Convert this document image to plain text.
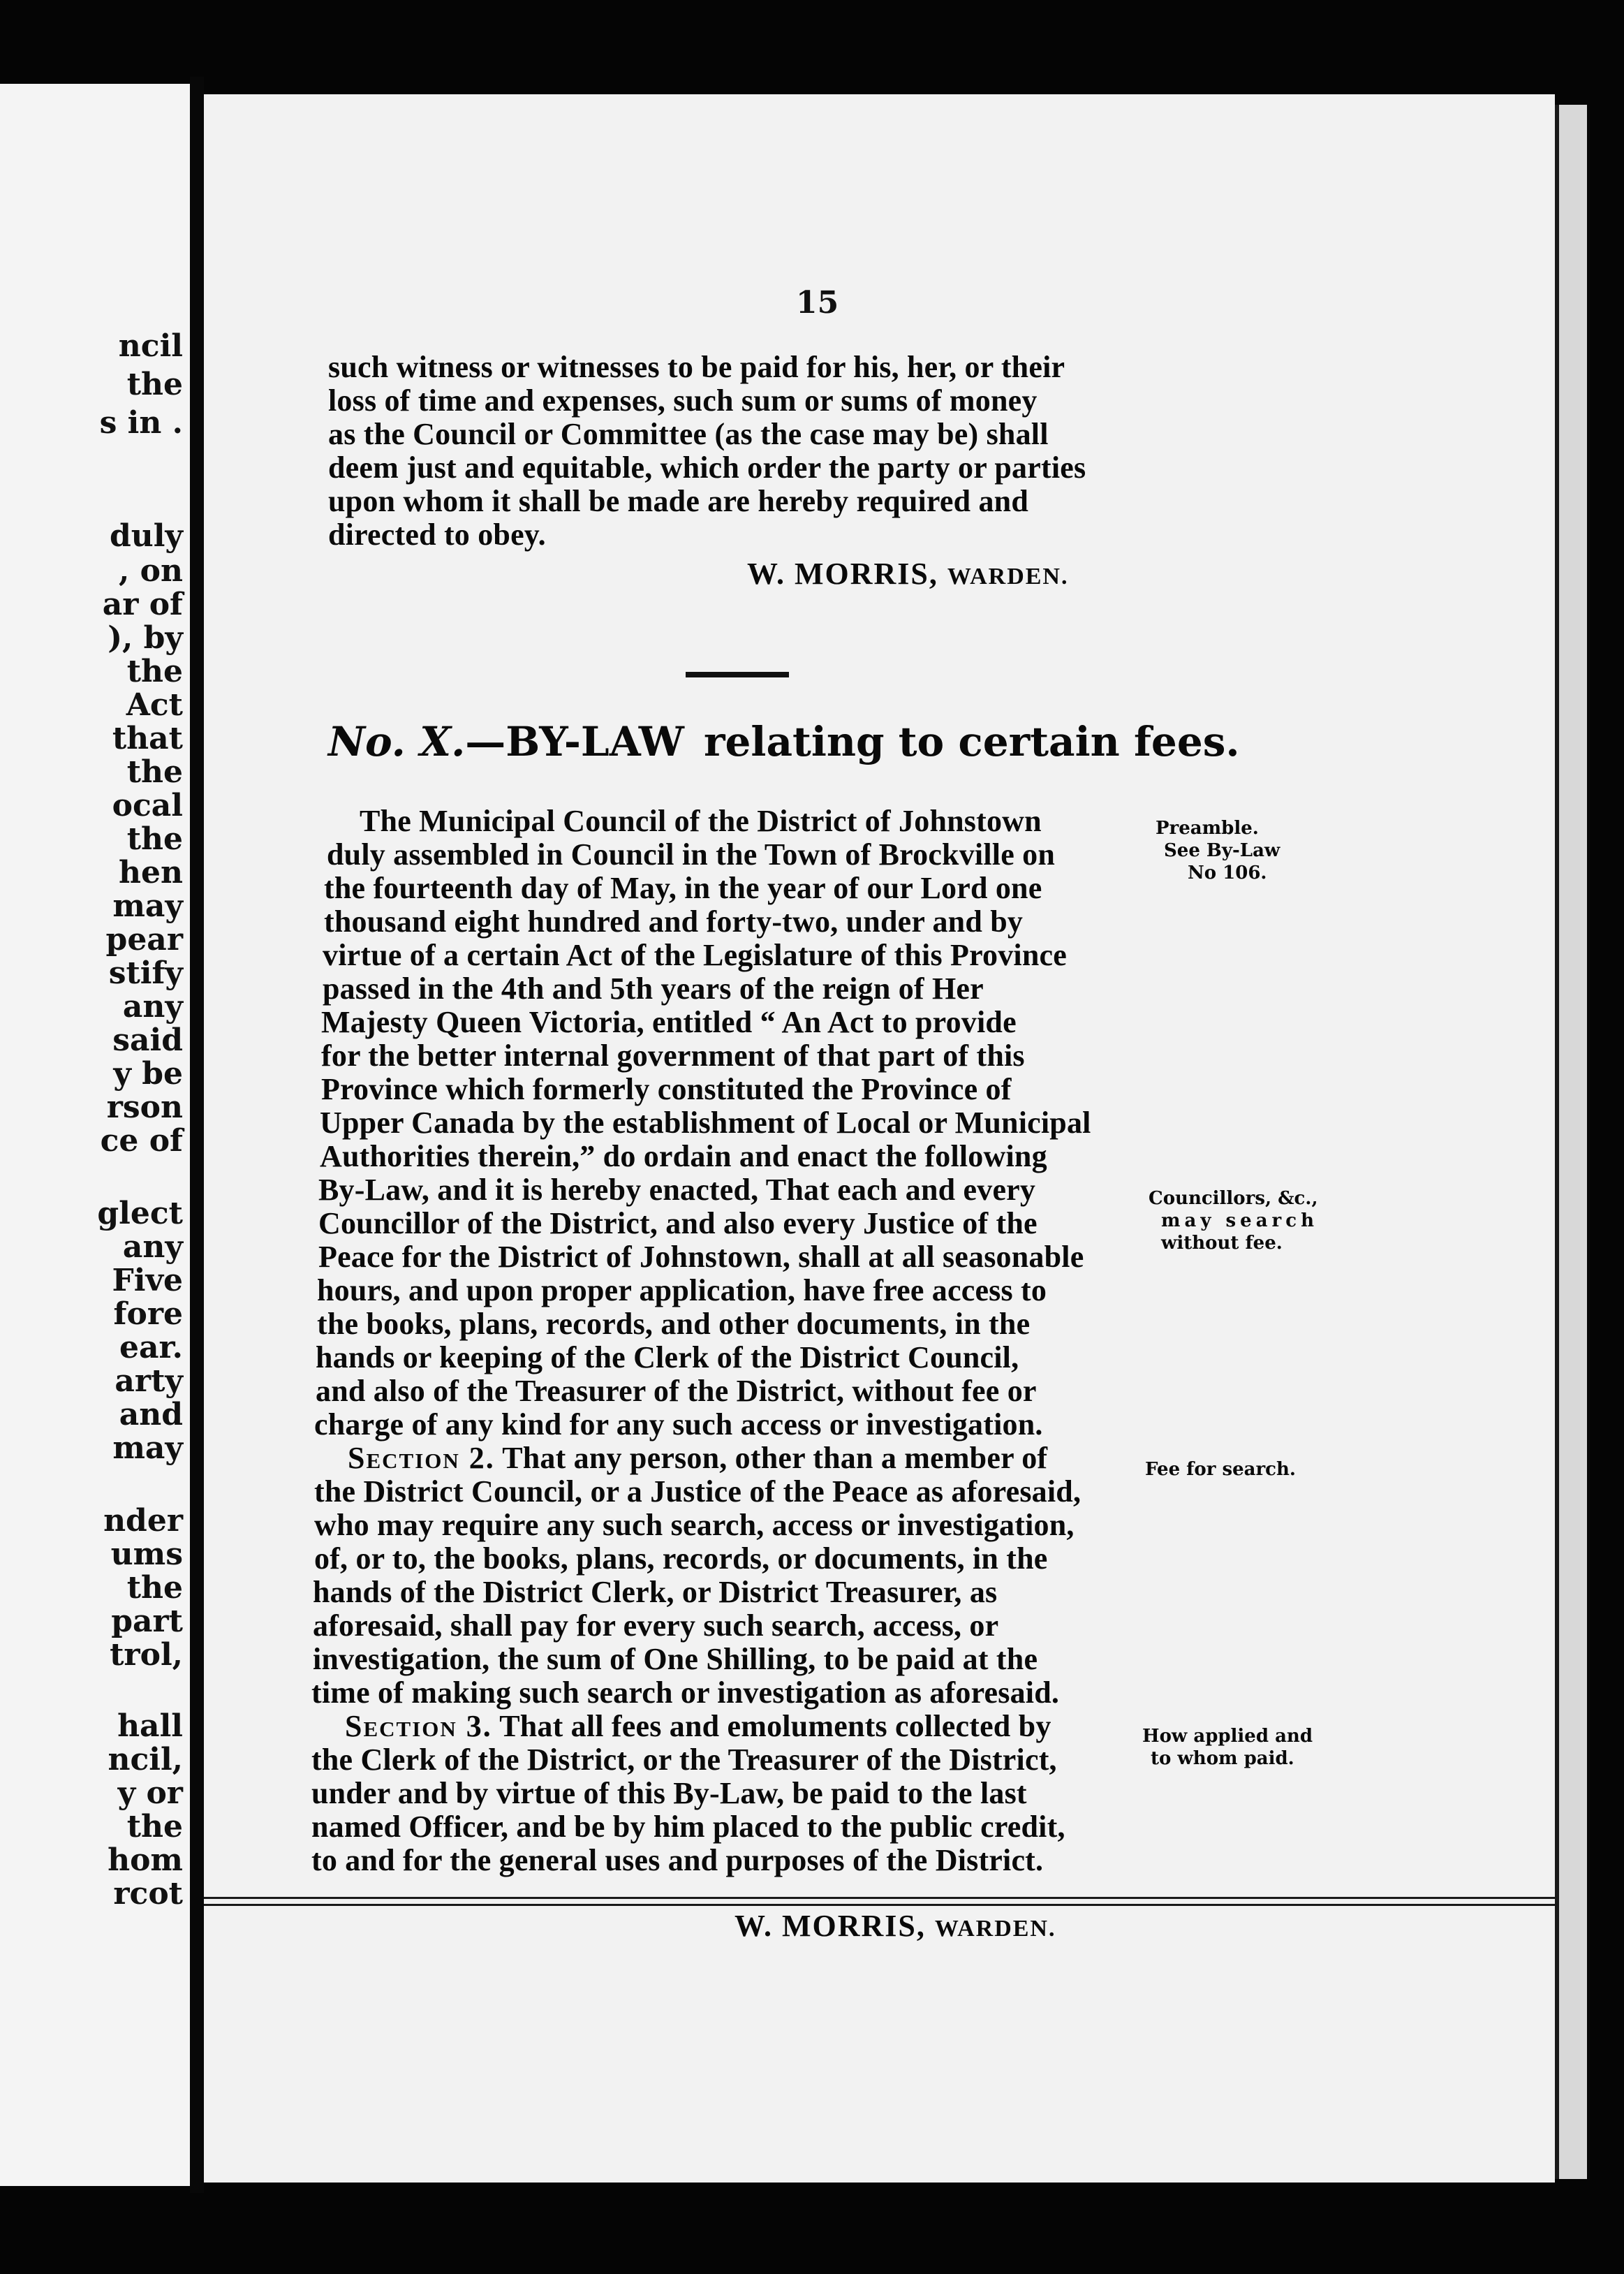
ncil
the
s in .
duly
, on
ar of
), by
the
Act
that
the
ocal
the
hen
may
pear
stify
any
said
y be
rson
ce of
glect
any
Five
fore
ear.
arty
and
may
nder
ums
the
part
trol,
hall
ncil,
y or
the
hom
rcot
15
such witness or witnesses to be paid for his, her, or their
loss of time and expenses, such sum or sums of money
as the Council or Committee (as the case may be) shall
deem just and equitable, which order the party or parties
upon whom it shall be made are hereby required and
directed to obey.
W. MORRIS, WARDEN.
No. X.—BY-LAW relating to certain fees.
The Municipal Council of the District of Johnstown
duly assembled in Council in the Town of Brockville on
the fourteenth day of May, in the year of our Lord one
thousand eight hundred and forty-two, under and by
virtue of a certain Act of the Legislature of this Province
passed in the 4th and 5th years of the reign of Her
Majesty Queen Victoria, entitled “ An Act to provide
for the better internal government of that part of this
Province which formerly constituted the Province of
Upper Canada by the establishment of Local or Municipal
Authorities therein,” do ordain and enact the following
By-Law, and it is hereby enacted, That each and every
Councillor of the District, and also every Justice of the
Peace for the District of Johnstown, shall at all seasonable
hours, and upon proper application, have free access to
the books, plans, records, and other documents, in the
hands or keeping of the Clerk of the District Council,
and also of the Treasurer of the District, without fee or
charge of any kind for any such access or investigation.
Section 2. That any person, other than a member of
the District Council, or a Justice of the Peace as aforesaid,
who may require any such search, access or investigation,
of, or to, the books, plans, records, or documents, in the
hands of the District Clerk, or District Treasurer, as
aforesaid, shall pay for every such search, access, or
investigation, the sum of One Shilling, to be paid at the
time of making such search or investigation as aforesaid.
Section 3. That all fees and emoluments collected by
the Clerk of the District, or the Treasurer of the District,
under and by virtue of this By-Law, be paid to the last
named Officer, and be by him placed to the public credit,
to and for the general uses and purposes of the District.
W. MORRIS, WARDEN.
Preamble.
See By-Law
No 106.
Councillors, &c.,
may search
without fee.
Fee for search.
How applied and
to whom paid.
